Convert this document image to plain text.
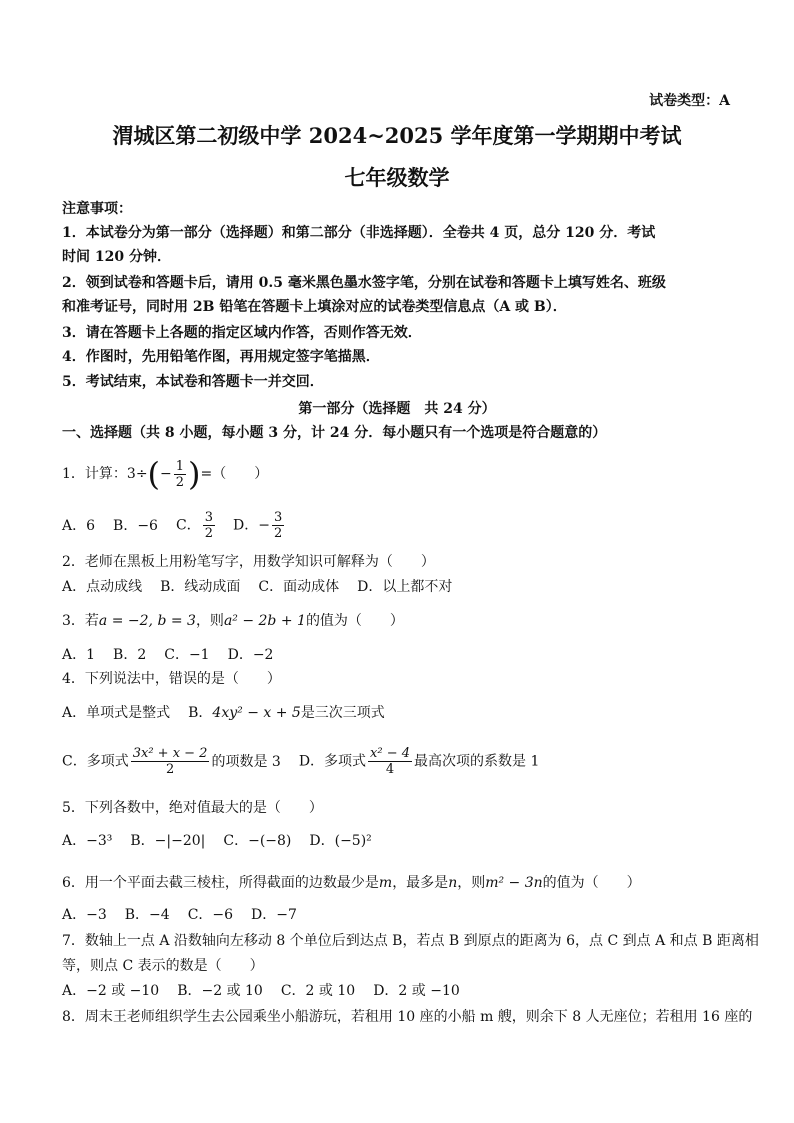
试卷类型：A
渭城区第二初级中学 2024~2025 学年度第一学期期中考试
七年级数学
注意事项：
1．本试卷分为第一部分（选择题）和第二部分（非选择题）．全卷共 4 页，总分 120 分．考试
时间 120 分钟．
2．领到试卷和答题卡后，请用 0.5 毫米黑色墨水签字笔，分别在试卷和答题卡上填写姓名、班级
和准考证号，同时用 2B 铅笔在答题卡上填涂对应的试卷类型信息点（A 或 B）．
3．请在答题卡上各题的指定区域内作答，否则作答无效．
4．作图时，先用铅笔作图，再用规定签字笔描黑．
5．考试结束，本试卷和答题卡一并交回．
第一部分（选择题　共 24 分）
一、选择题（共 8 小题，每小题 3 分，计 24 分．每小题只有一个选项是符合题意的）
1．计算：$3\div(- \frac{1}{2}$ )=（　　）
A．6 B．−6 C． $\frac{3}{2}$ D．− $\frac{3}{2}$
2．老师在黑板上用粉笔写字，用数学知识可解释为（　　）
A．点动成线 B．线动成面 C．面动成体 D．以上都不对
3．若a = −2, b = 3，则a² − 2b + 1的值为（　　）
A．1 B．2 C．−1 D．−2
4．下列说法中，错误的是（　　）
A．单项式是整式 B．4xy² − x + 5是三次三项式
C．多项式 $\frac{\text{3x² + x − 2}}{2}$ 的项数是 3 D．多项式 $\frac{\text{x² − 4}}{4}$ 最高次项的系数是 1
5．下列各数中，绝对值最大的是（　　）
A．−3³ B．−|−20| C．−(−8) D．(−5)²
6．用一个平面去截三棱柱，所得截面的边数最少是m，最多是n，则m² − 3n的值为（　　）
A．−3 B．−4 C．−6 D．−7
7．数轴上一点 A 沿数轴向左移动 8 个单位后到达点 B，若点 B 到原点的距离为 6，点 C 到点 A 和点 B 距离相
等，则点 C 表示的数是（　　）
A．−2 或 −10 B．−2 或 10 C．2 或 10 D．2 或 −10
8．周末王老师组织学生去公园乘坐小船游玩，若租用 10 座的小船 m 艘，则余下 8 人无座位；若租用 16 座的
